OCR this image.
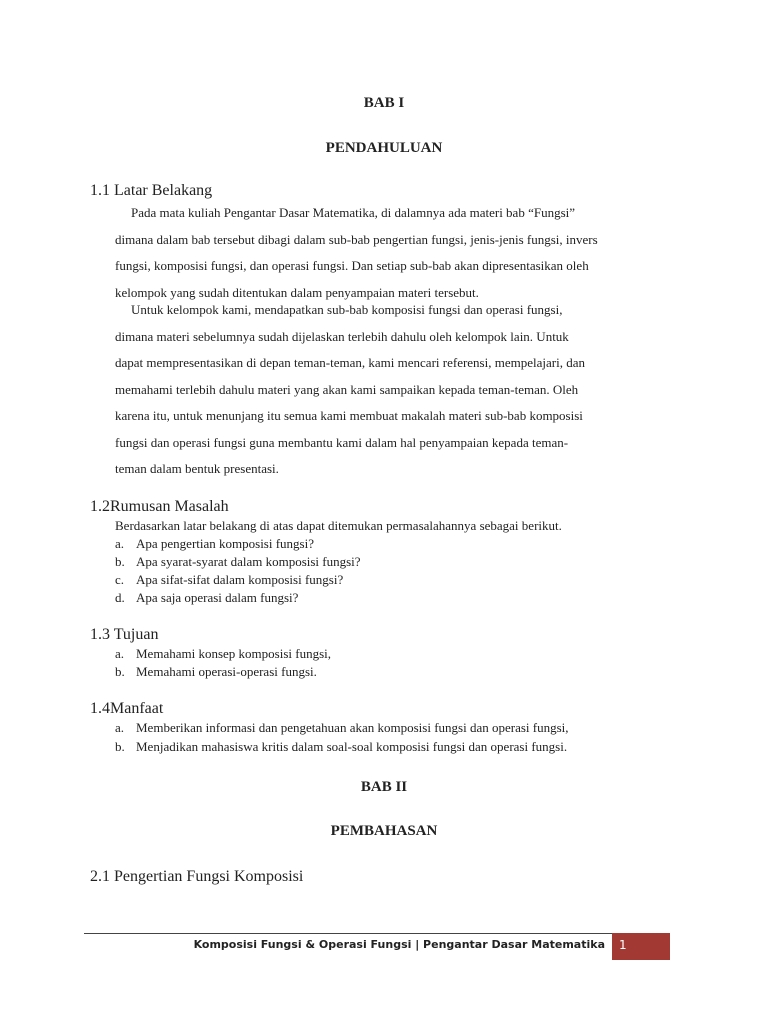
BAB I
PENDAHULUAN
1.1 Latar Belakang
Pada mata kuliah Pengantar Dasar Matematika, di dalamnya ada materi bab “Fungsi”
dimana dalam bab tersebut dibagi dalam sub-bab pengertian fungsi, jenis-jenis fungsi, invers
fungsi, komposisi fungsi, dan operasi fungsi. Dan setiap sub-bab akan dipresentasikan oleh
kelompok yang sudah ditentukan dalam penyampaian materi tersebut.
Untuk kelompok kami, mendapatkan sub-bab komposisi fungsi dan operasi fungsi,
dimana materi sebelumnya sudah dijelaskan terlebih dahulu oleh kelompok lain. Untuk
dapat mempresentasikan di depan teman-teman, kami mencari referensi, mempelajari, dan
memahami terlebih dahulu materi yang akan kami sampaikan kepada teman-teman. Oleh
karena itu, untuk menunjang itu semua kami membuat makalah materi sub-bab komposisi
fungsi dan operasi fungsi guna membantu kami dalam hal penyampaian kepada teman-
teman dalam bentuk presentasi.
1.2Rumusan Masalah
Berdasarkan latar belakang di atas dapat ditemukan permasalahannya sebagai berikut.
a. Apa pengertian komposisi fungsi?
b. Apa syarat-syarat dalam komposisi fungsi?
c. Apa sifat-sifat dalam komposisi fungsi?
d. Apa saja operasi dalam fungsi?
1.3 Tujuan
a. Memahami konsep komposisi fungsi,
b. Memahami operasi-operasi fungsi.
1.4Manfaat
a. Memberikan informasi dan pengetahuan akan komposisi fungsi dan operasi fungsi,
b. Menjadikan mahasiswa kritis dalam soal-soal komposisi fungsi dan operasi fungsi.
BAB II
PEMBAHASAN
2.1 Pengertian Fungsi Komposisi
Komposisi Fungsi & Operasi Fungsi | Pengantar Dasar Matematika 1
